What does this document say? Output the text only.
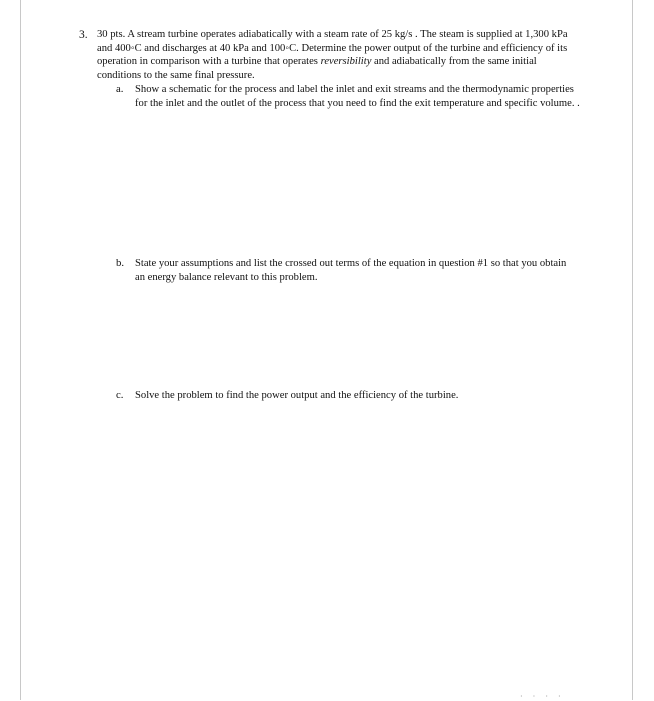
3. 30 pts. A stream turbine operates adiabatically with a steam rate of 25 kg/s . The steam is supplied at 1,300 kPa and 400◦C and discharges at 40 kPa and 100◦C. Determine the power output of the turbine and efficiency of its operation in comparison with a turbine that operates reversibility and adiabatically from the same initial conditions to the same final pressure.
a. Show a schematic for the process and label the inlet and exit streams and the thermodynamic properties for the inlet and the outlet of the process that you need to find the exit temperature and specific volume. .
b. State your assumptions and list the crossed out terms of the equation in question #1 so that you obtain an energy balance relevant to this problem.
c. Solve the problem to find the power output and the efficiency of the turbine.
· · · ·
